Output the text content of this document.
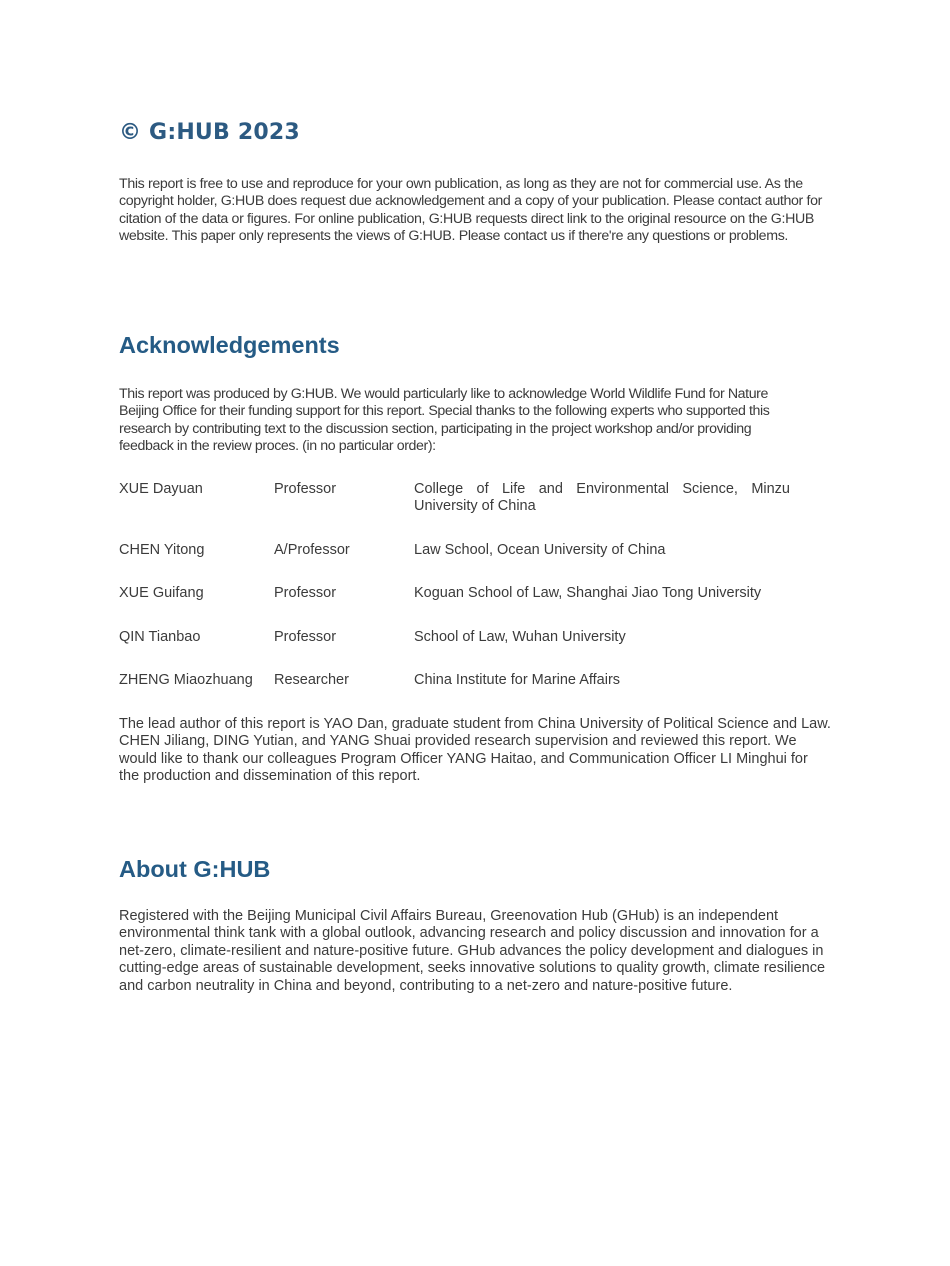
© G:HUB 2023

This report is free to use and reproduce for your own publication, as long as they are not for commercial use. As the copyright holder, G:HUB does request due acknowledgement and a copy of your publication. Please contact author for citation of the data or figures. For online publication, G:HUB requests direct link to the original resource on the G:HUB website. This paper only represents the views of G:HUB. Please contact us if there're any questions or problems.

Acknowledgements

This report was produced by G:HUB. We would particularly like to acknowledge World Wildlife Fund for Nature Beijing Office for their funding support for this report. Special thanks to the following experts who supported this research by contributing text to the discussion section, participating in the project workshop and/or providing feedback in the review proces. (in no particular order):

XUE Dayuan	Professor	College of Life and Environmental Science, Minzu University of China
CHEN Yitong	A/Professor	Law School, Ocean University of China
XUE Guifang	Professor	Koguan School of Law, Shanghai Jiao Tong University
QIN Tianbao	Professor	School of Law, Wuhan University
ZHENG Miaozhuang	Researcher	China Institute for Marine Affairs

The lead author of this report is YAO Dan, graduate student from China University of Political Science and Law. CHEN Jiliang, DING Yutian, and YANG Shuai provided research supervision and reviewed this report. We would like to thank our colleagues Program Officer YANG Haitao, and Communication Officer LI Minghui for the production and dissemination of this report.

About G:HUB

Registered with the Beijing Municipal Civil Affairs Bureau, Greenovation Hub (GHub) is an independent environmental think tank with a global outlook, advancing research and policy discussion and innovation for a net-zero, climate-resilient and nature-positive future. GHub advances the policy development and dialogues in cutting-edge areas of sustainable development, seeks innovative solutions to quality growth, climate resilience and carbon neutrality in China and beyond, contributing to a net-zero and nature-positive future.
